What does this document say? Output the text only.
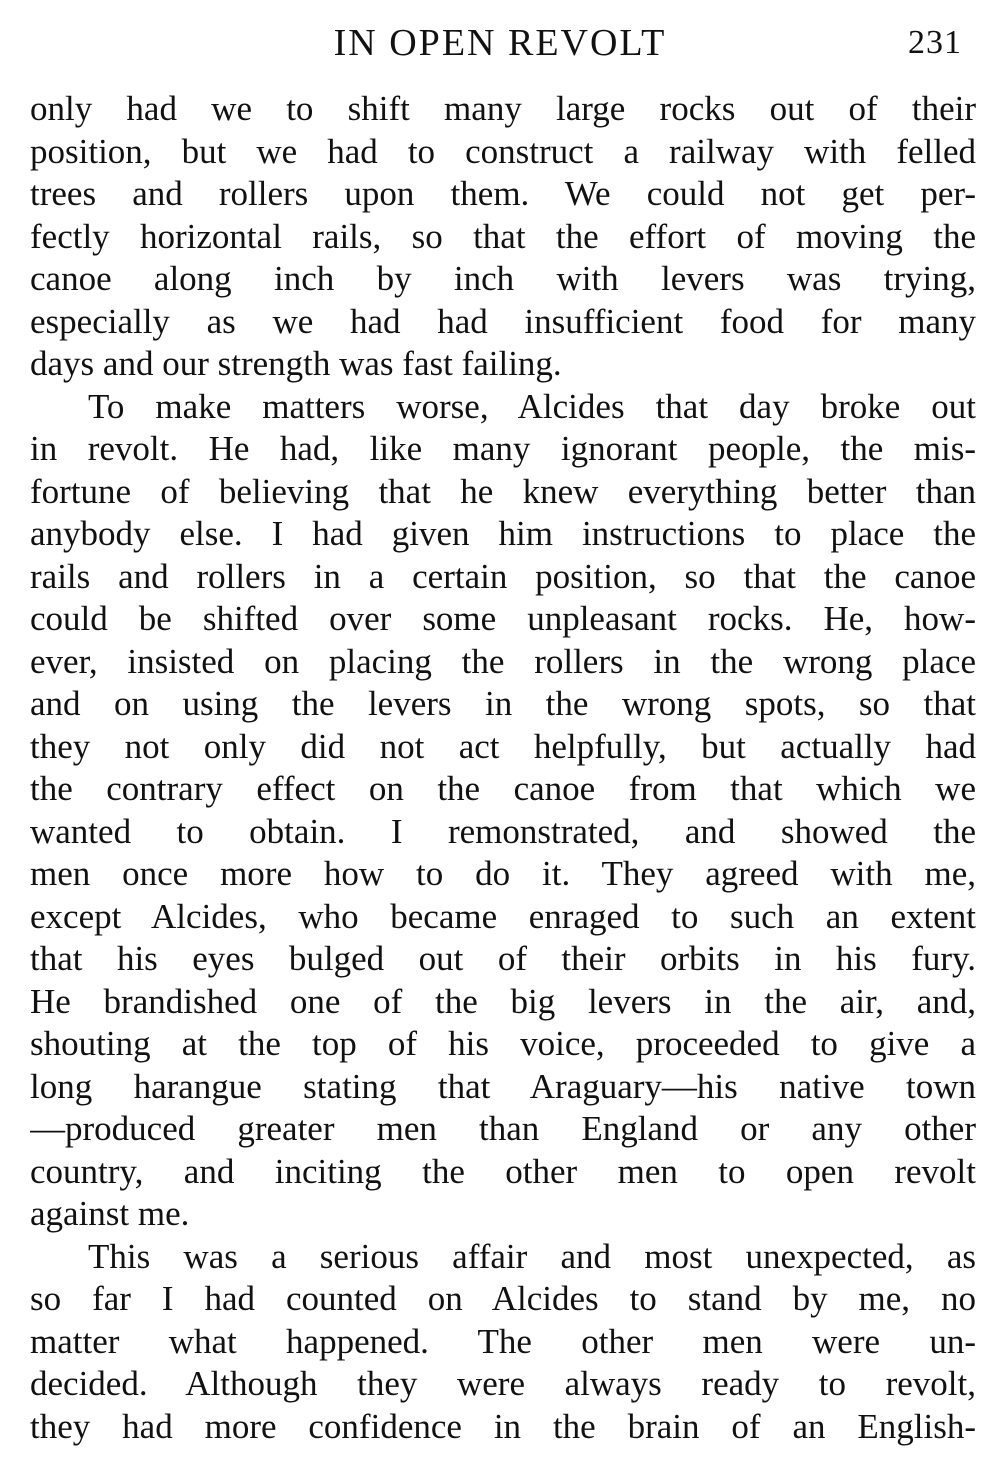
IN OPEN REVOLT	231
only had we to shift many large rocks out of their
position, but we had to construct a railway with felled
trees and rollers upon them. We could not get per-
fectly horizontal rails, so that the effort of moving the
canoe along inch by inch with levers was trying,
especially as we had had insufficient food for many
days and our strength was fast failing.
To make matters worse, Alcides that day broke out
in revolt. He had, like many ignorant people, the mis-
fortune of believing that he knew everything better than
anybody else. I had given him instructions to place the
rails and rollers in a certain position, so that the canoe
could be shifted over some unpleasant rocks. He, how-
ever, insisted on placing the rollers in the wrong place
and on using the levers in the wrong spots, so that
they not only did not act helpfully, but actually had
the contrary effect on the canoe from that which we
wanted to obtain. I remonstrated, and showed the
men once more how to do it. They agreed with me,
except Alcides, who became enraged to such an extent
that his eyes bulged out of their orbits in his fury.
He brandished one of the big levers in the air, and,
shouting at the top of his voice, proceeded to give a
long harangue stating that Araguary—his native town
—produced greater men than England or any other
country, and inciting the other men to open revolt
against me.
This was a serious affair and most unexpected, as
so far I had counted on Alcides to stand by me, no
matter what happened. The other men were un-
decided. Although they were always ready to revolt,
they had more confidence in the brain of an English-
